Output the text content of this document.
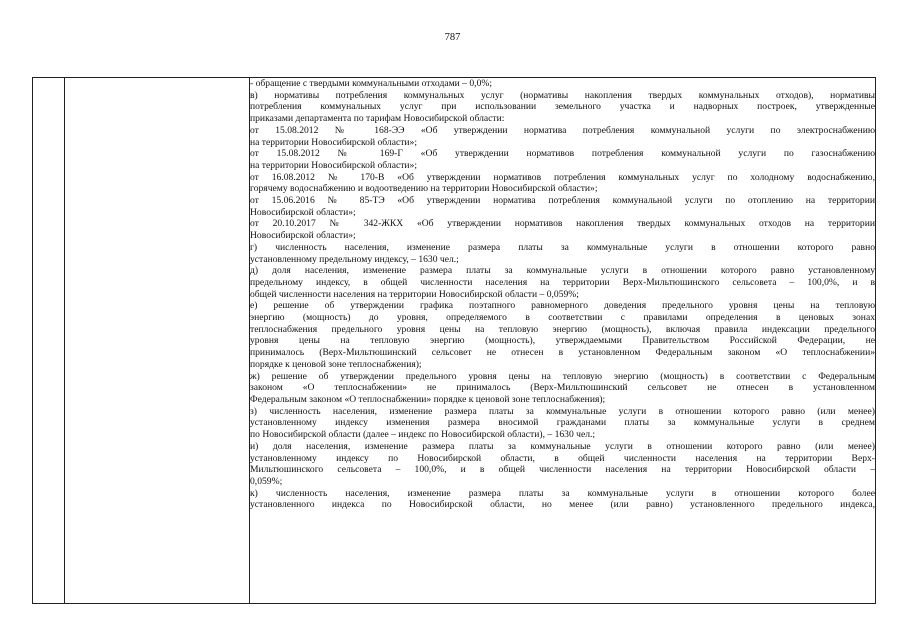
787

- обращение с твердыми коммунальными отходами – 0,0%;
в) нормативы потребления коммунальных услуг (нормативы накопления твердых коммунальных отходов), нормативы
потребления коммунальных услуг при использовании земельного участка и надворных построек, утвержденные
приказами департамента по тарифам Новосибирской области:
от 15.08.2012 № 168-ЭЭ «Об утверждении норматива потребления коммунальной услуги по электроснабжению
на территории Новосибирской области»;
от 15.08.2012 № 169-Г «Об утверждении нормативов потребления коммунальной услуги по газоснабжению
на территории Новосибирской области»;
от 16.08.2012 № 170-В «Об утверждении нормативов потребления коммунальных услуг по холодному водоснабжению,
горячему водоснабжению и водоотведению на территории Новосибирской области»;
от 15.06.2016 № 85-ТЭ «Об утверждении норматива потребления коммунальной услуги по отоплению на территории
Новосибирской области»;
от 20.10.2017 № 342-ЖКХ «Об утверждении нормативов накопления твердых коммунальных отходов на территории
Новосибирской области»;
г) численность населения, изменение размера платы за коммунальные услуги в отношении которого равно
установленному предельному индексу, – 1630 чел.;
д) доля населения, изменение размера платы за коммунальные услуги в отношении которого равно установленному
предельному индексу, в общей численности населения на территории Верх-Мильтюшинского сельсовета – 100,0%, и в
общей численности населения на территории Новосибирской области – 0,059%;
е) решение об утверждении графика поэтапного равномерного доведения предельного уровня цены на тепловую
энергию (мощность) до уровня, определяемого в соответствии с правилами определения в ценовых зонах
теплоснабжения предельного уровня цены на тепловую энергию (мощность), включая правила индексации предельного
уровня цены на тепловую энергию (мощность), утверждаемыми Правительством Российской Федерации, не
принималось (Верх-Мильтюшинский сельсовет не отнесен в установленном Федеральным законом «О теплоснабжении»
порядке к ценовой зоне теплоснабжения);
ж) решение об утверждении предельного уровня цены на тепловую энергию (мощность) в соответствии с Федеральным
законом «О теплоснабжении» не принималось (Верх-Мильтюшинский сельсовет не отнесен в установленном
Федеральным законом «О теплоснабжении» порядке к ценовой зоне теплоснабжения);
з) численность населения, изменение размера платы за коммунальные услуги в отношении которого равно (или менее)
установленному индексу изменения размера вносимой гражданами платы за коммунальные услуги в среднем
по Новосибирской области (далее – индекс по Новосибирской области), – 1630 чел.;
и) доля населения, изменение размера платы за коммунальные услуги в отношении которого равно (или менее)
установленному индексу по Новосибирской области, в общей численности населения на территории Верх-
Мильтюшинского сельсовета – 100,0%, и в общей численности населения на территории Новосибирской области –
0,059%;
к) численность населения, изменение размера платы за коммунальные услуги в отношении которого более
установленного индекса по Новосибирской области, но менее (или равно) установленного предельного индекса,
